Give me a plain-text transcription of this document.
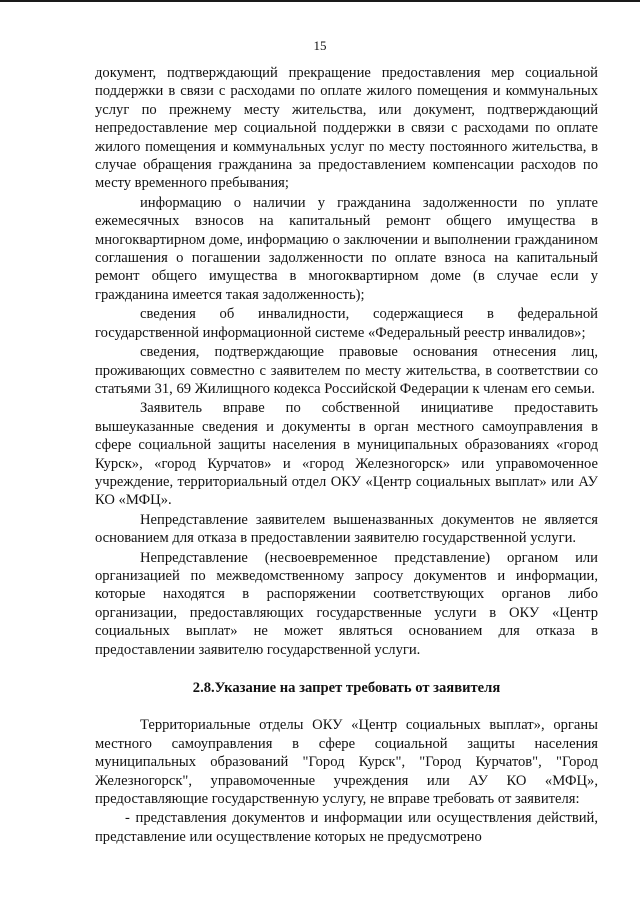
15

документ, подтверждающий прекращение предоставления мер социальной поддержки в связи с расходами по оплате жилого помещения и коммунальных услуг по прежнему месту жительства, или документ, подтверждающий непредоставление мер социальной поддержки в связи с расходами по оплате жилого помещения и коммунальных услуг по месту постоянного жительства, в случае обращения гражданина за предоставлением компенсации расходов по месту временного пребывания;

информацию о наличии у гражданина задолженности по уплате ежемесячных взносов на капитальный ремонт общего имущества в многоквартирном доме, информацию о заключении и выполнении гражданином соглашения о погашении задолженности по оплате взноса на капитальный ремонт общего имущества в многоквартирном доме (в случае если у гражданина имеется такая задолженность);

сведения об инвалидности, содержащиеся в федеральной государственной информационной системе «Федеральный реестр инвалидов»;

сведения, подтверждающие правовые основания отнесения лиц, проживающих совместно с заявителем по месту жительства, в соответствии со статьями 31, 69 Жилищного кодекса Российской Федерации к членам его семьи.

Заявитель вправе по собственной инициативе предоставить вышеуказанные сведения и документы в орган местного самоуправления в сфере социальной защиты населения в муниципальных образованиях «город Курск», «город Курчатов» и «город Железногорск» или управомоченное учреждение, территориальный отдел ОКУ «Центр социальных выплат» или АУ КО «МФЦ».

Непредставление заявителем вышеназванных документов не является основанием для отказа в предоставлении заявителю государственной услуги.

Непредставление (несвоевременное представление) органом или организацией по межведомственному запросу документов и информации, которые находятся в распоряжении соответствующих органов либо организации, предоставляющих государственные услуги в ОКУ «Центр социальных выплат» не может являться основанием для отказа в предоставлении заявителю государственной услуги.

2.8.Указание на запрет требовать от заявителя

Территориальные отделы ОКУ «Центр социальных выплат», органы местного самоуправления в сфере социальной защиты населения муниципальных образований "Город Курск", "Город Курчатов", "Город Железногорск", управомоченные учреждения или АУ КО «МФЦ», предоставляющие государственную услугу, не вправе требовать от заявителя:

- представления документов и информации или осуществления действий, представление или осуществление которых не предусмотрено
